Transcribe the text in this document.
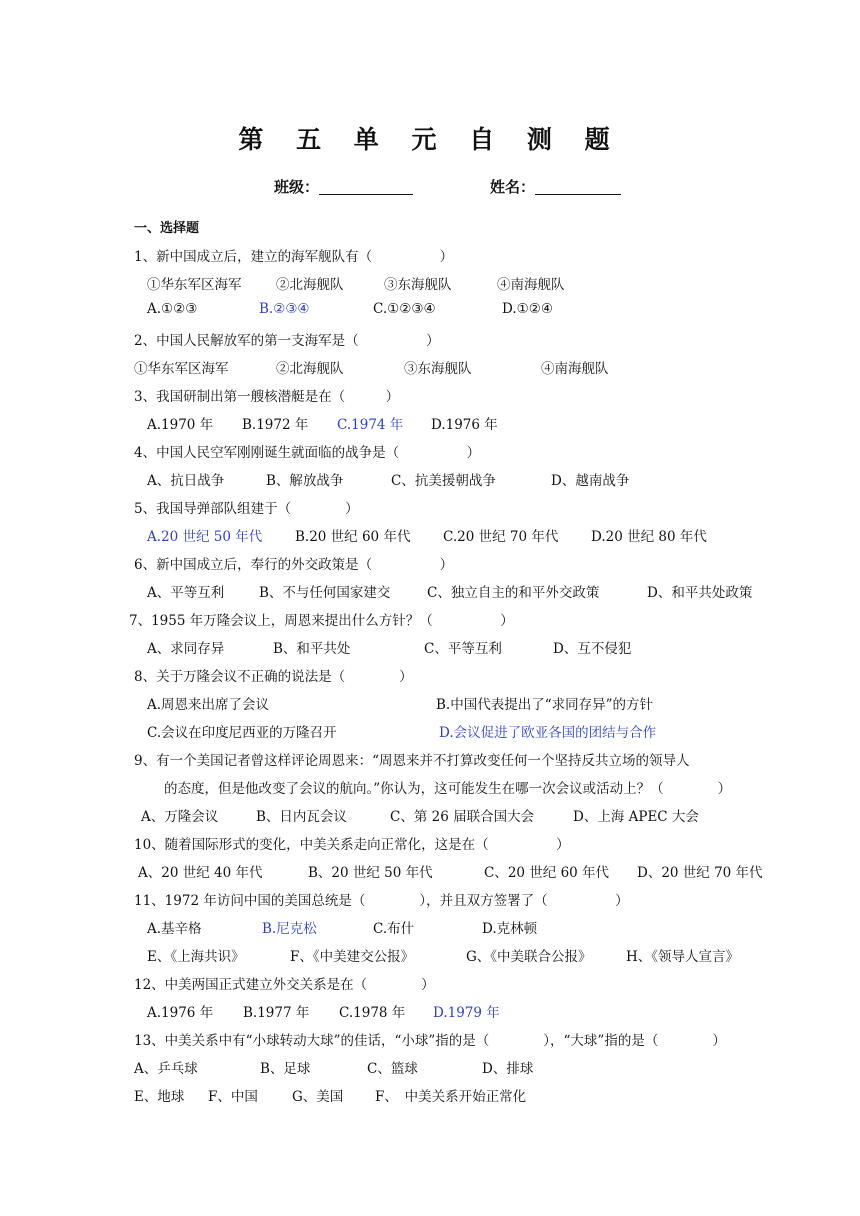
第 五 单 元 自 测 题
班级：	姓名：
一、选择题
1、新中国成立后，建立的海军舰队有（　　　　　）
①华东军区海军	②北海舰队	③东海舰队	④南海舰队
A.①②③	B.②③④	C.①②③④	D.①②④
2、中国人民解放军的第一支海军是（　　　　　）
①华东军区海军	②北海舰队	③东海舰队	④南海舰队
3、我国研制出第一艘核潜艇是在（　　　）
A.1970 年 B.1972 年 C.1974 年 D.1976 年
4、中国人民空军刚刚诞生就面临的战争是（　　　　　）
A、抗日战争	B、解放战争	C、抗美援朝战争	D、越南战争
5、我国导弹部队组建于（　　　　）
A.20 世纪 50 年代 B.20 世纪 60 年代 C.20 世纪 70 年代 D.20 世纪 80 年代
6、新中国成立后，奉行的外交政策是（　　　　　）
A、平等互利	B、不与任何国家建交	C、独立自主的和平外交政策	D、和平共处政策
7、1955 年万隆会议上，周恩来提出什么方针？（　　　　　）
A、求同存异	B、和平共处	C、平等互利	D、互不侵犯
8、关于万隆会议不正确的说法是（　　　　）
A.周恩来出席了会议	B.中国代表提出了“求同存异”的方针
C.会议在印度尼西亚的万隆召开	D.会议促进了欧亚各国的团结与合作
9、有一个美国记者曾这样评论周恩来：“周恩来并不打算改变任何一个坚持反共立场的领导人
的态度，但是他改变了会议的航向。”你认为，这可能发生在哪一次会议或活动上？（　　　　）
A、万隆会议	B、日内瓦会议	C、第 26 届联合国大会	D、上海 APEC 大会
10、随着国际形式的变化，中美关系走向正常化，这是在（　　　　　）
A、20 世纪 40 年代	B、20 世纪 50 年代	C、20 世纪 60 年代 D、20 世纪 70 年代
11、1972 年访问中国的美国总统是（　　　　），并且双方签署了（　　　　　）
A.基辛格	B.尼克松	C.布什	D.克林顿
E、《上海共识》	F、《中美建交公报》	G、《中美联合公报》	H、《领导人宣言》
12、中美两国正式建立外交关系是在（　　　　）
A.1976 年 B.1977 年 C.1978 年 D.1979 年
13、中美关系中有“小球转动大球”的佳话，“小球”指的是（　　　　），“大球”指的是（　　　　）
A、乒乓球	B、足球	C、篮球	D、排球
E、地球 F、中国	G、美国 F、　中美关系开始正常化
